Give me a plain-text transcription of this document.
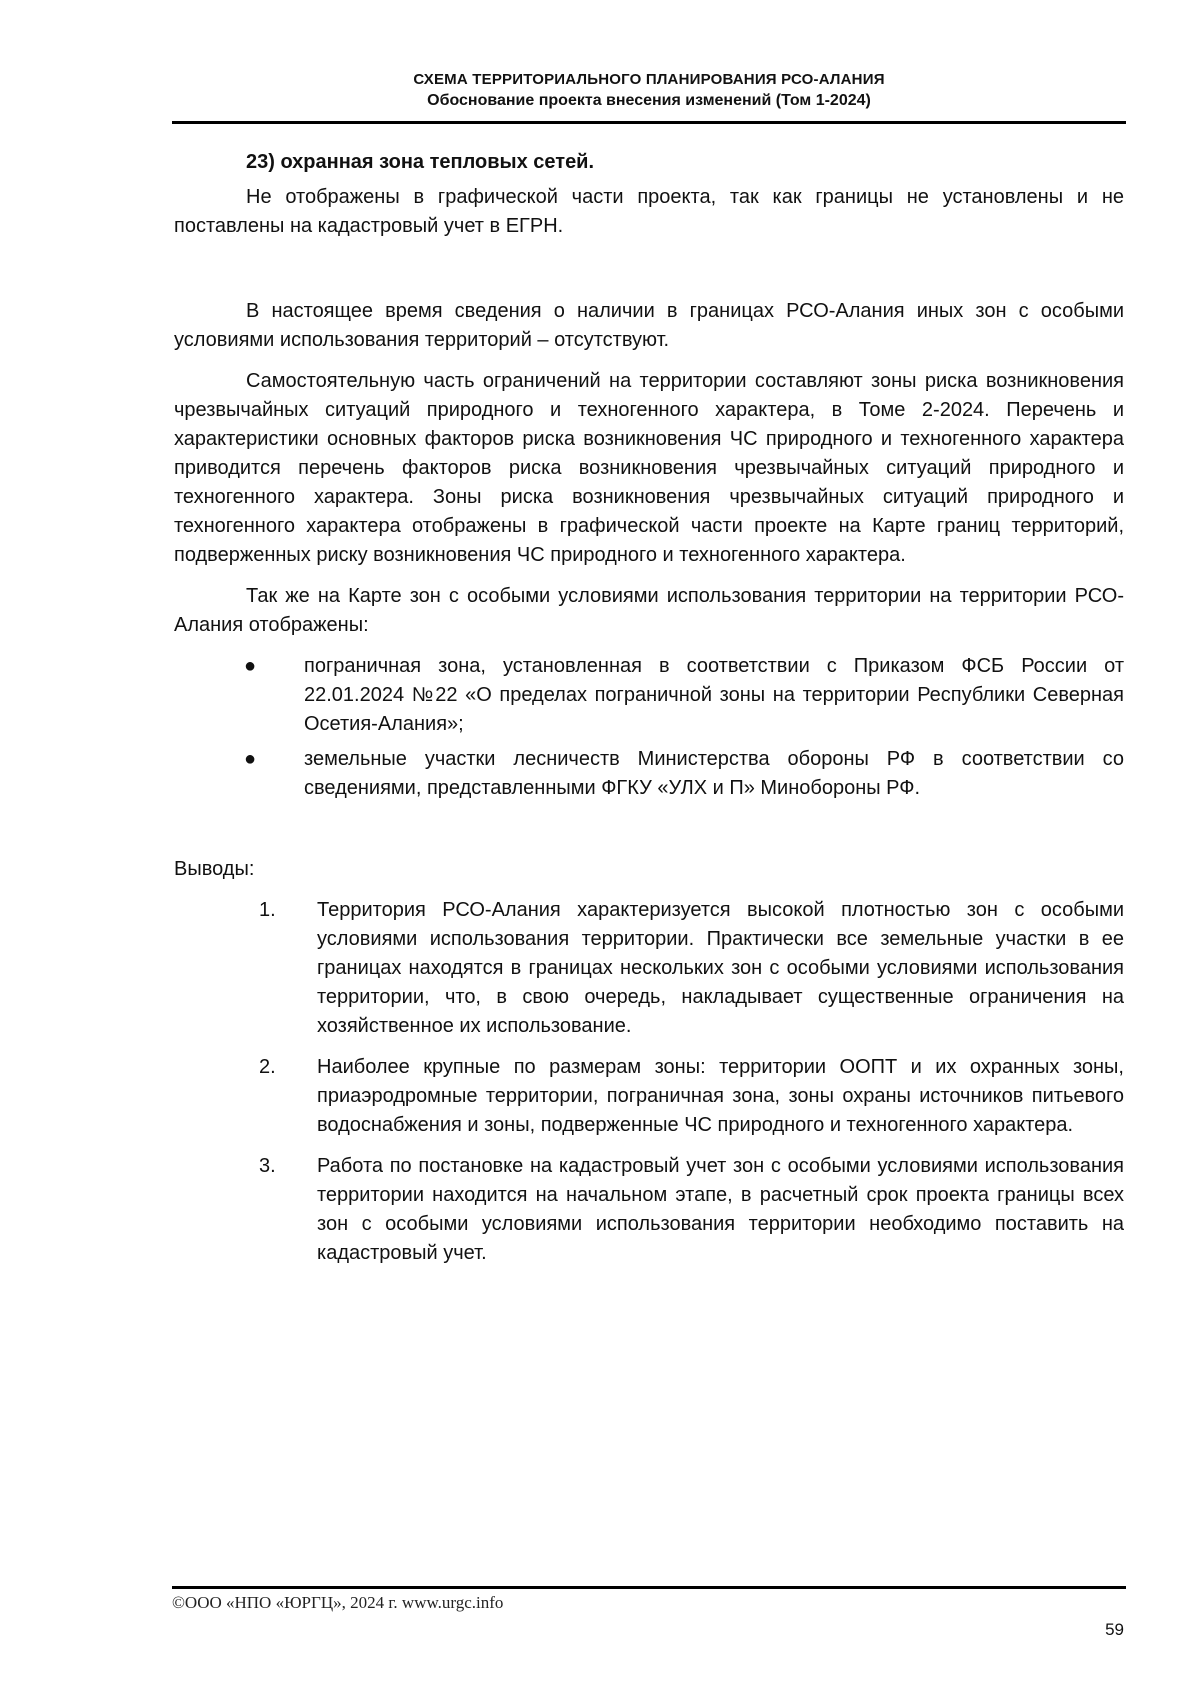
СХЕМА ТЕРРИТОРИАЛЬНОГО ПЛАНИРОВАНИЯ РСО-АЛАНИЯ
Обоснование проекта внесения изменений (Том 1-2024)

23) охранная зона тепловых сетей.

Не отображены в графической части проекта, так как границы не установлены и не поставлены на кадастровый учет в ЕГРН.

В настоящее время сведения о наличии в границах РСО-Алания иных зон с особыми условиями использования территорий – отсутствуют.

Самостоятельную часть ограничений на территории составляют зоны риска возникновения чрезвычайных ситуаций природного и техногенного характера, в Томе 2-2024. Перечень и характеристики основных факторов риска возникновения ЧС природного и техногенного характера приводится перечень факторов риска возникновения чрезвычайных ситуаций природного и техногенного характера. Зоны риска возникновения чрезвычайных ситуаций природного и техногенного характера отображены в графической части проекте на Карте границ территорий, подверженных риску возникновения ЧС природного и техногенного характера.

Так же на Карте зон с особыми условиями использования территории на территории РСО-Алания отображены:

● пограничная зона, установленная в соответствии с Приказом ФСБ России от 22.01.2024 №22 «О пределах пограничной зоны на территории Республики Северная Осетия-Алания»;
● земельные участки лесничеств Министерства обороны РФ в соответствии со сведениями, представленными ФГКУ «УЛХ и П» Минобороны РФ.

Выводы:

1. Территория РСО-Алания характеризуется высокой плотностью зон с особыми условиями использования территории. Практически все земельные участки в ее границах находятся в границах нескольких зон с особыми условиями использования территории, что, в свою очередь, накладывает существенные ограничения на хозяйственное их использование.
2. Наиболее крупные по размерам зоны: территории ООПТ и их охранных зоны, приаэродромные территории, пограничная зона, зоны охраны источников питьевого водоснабжения и зоны, подверженные ЧС природного и техногенного характера.
3. Работа по постановке на кадастровый учет зон с особыми условиями использования территории находится на начальном этапе, в расчетный срок проекта границы всех зон с особыми условиями использования территории необходимо поставить на кадастровый учет.
©ООО «НПО «ЮРГЦ», 2024 г. www.urgc.info
59
